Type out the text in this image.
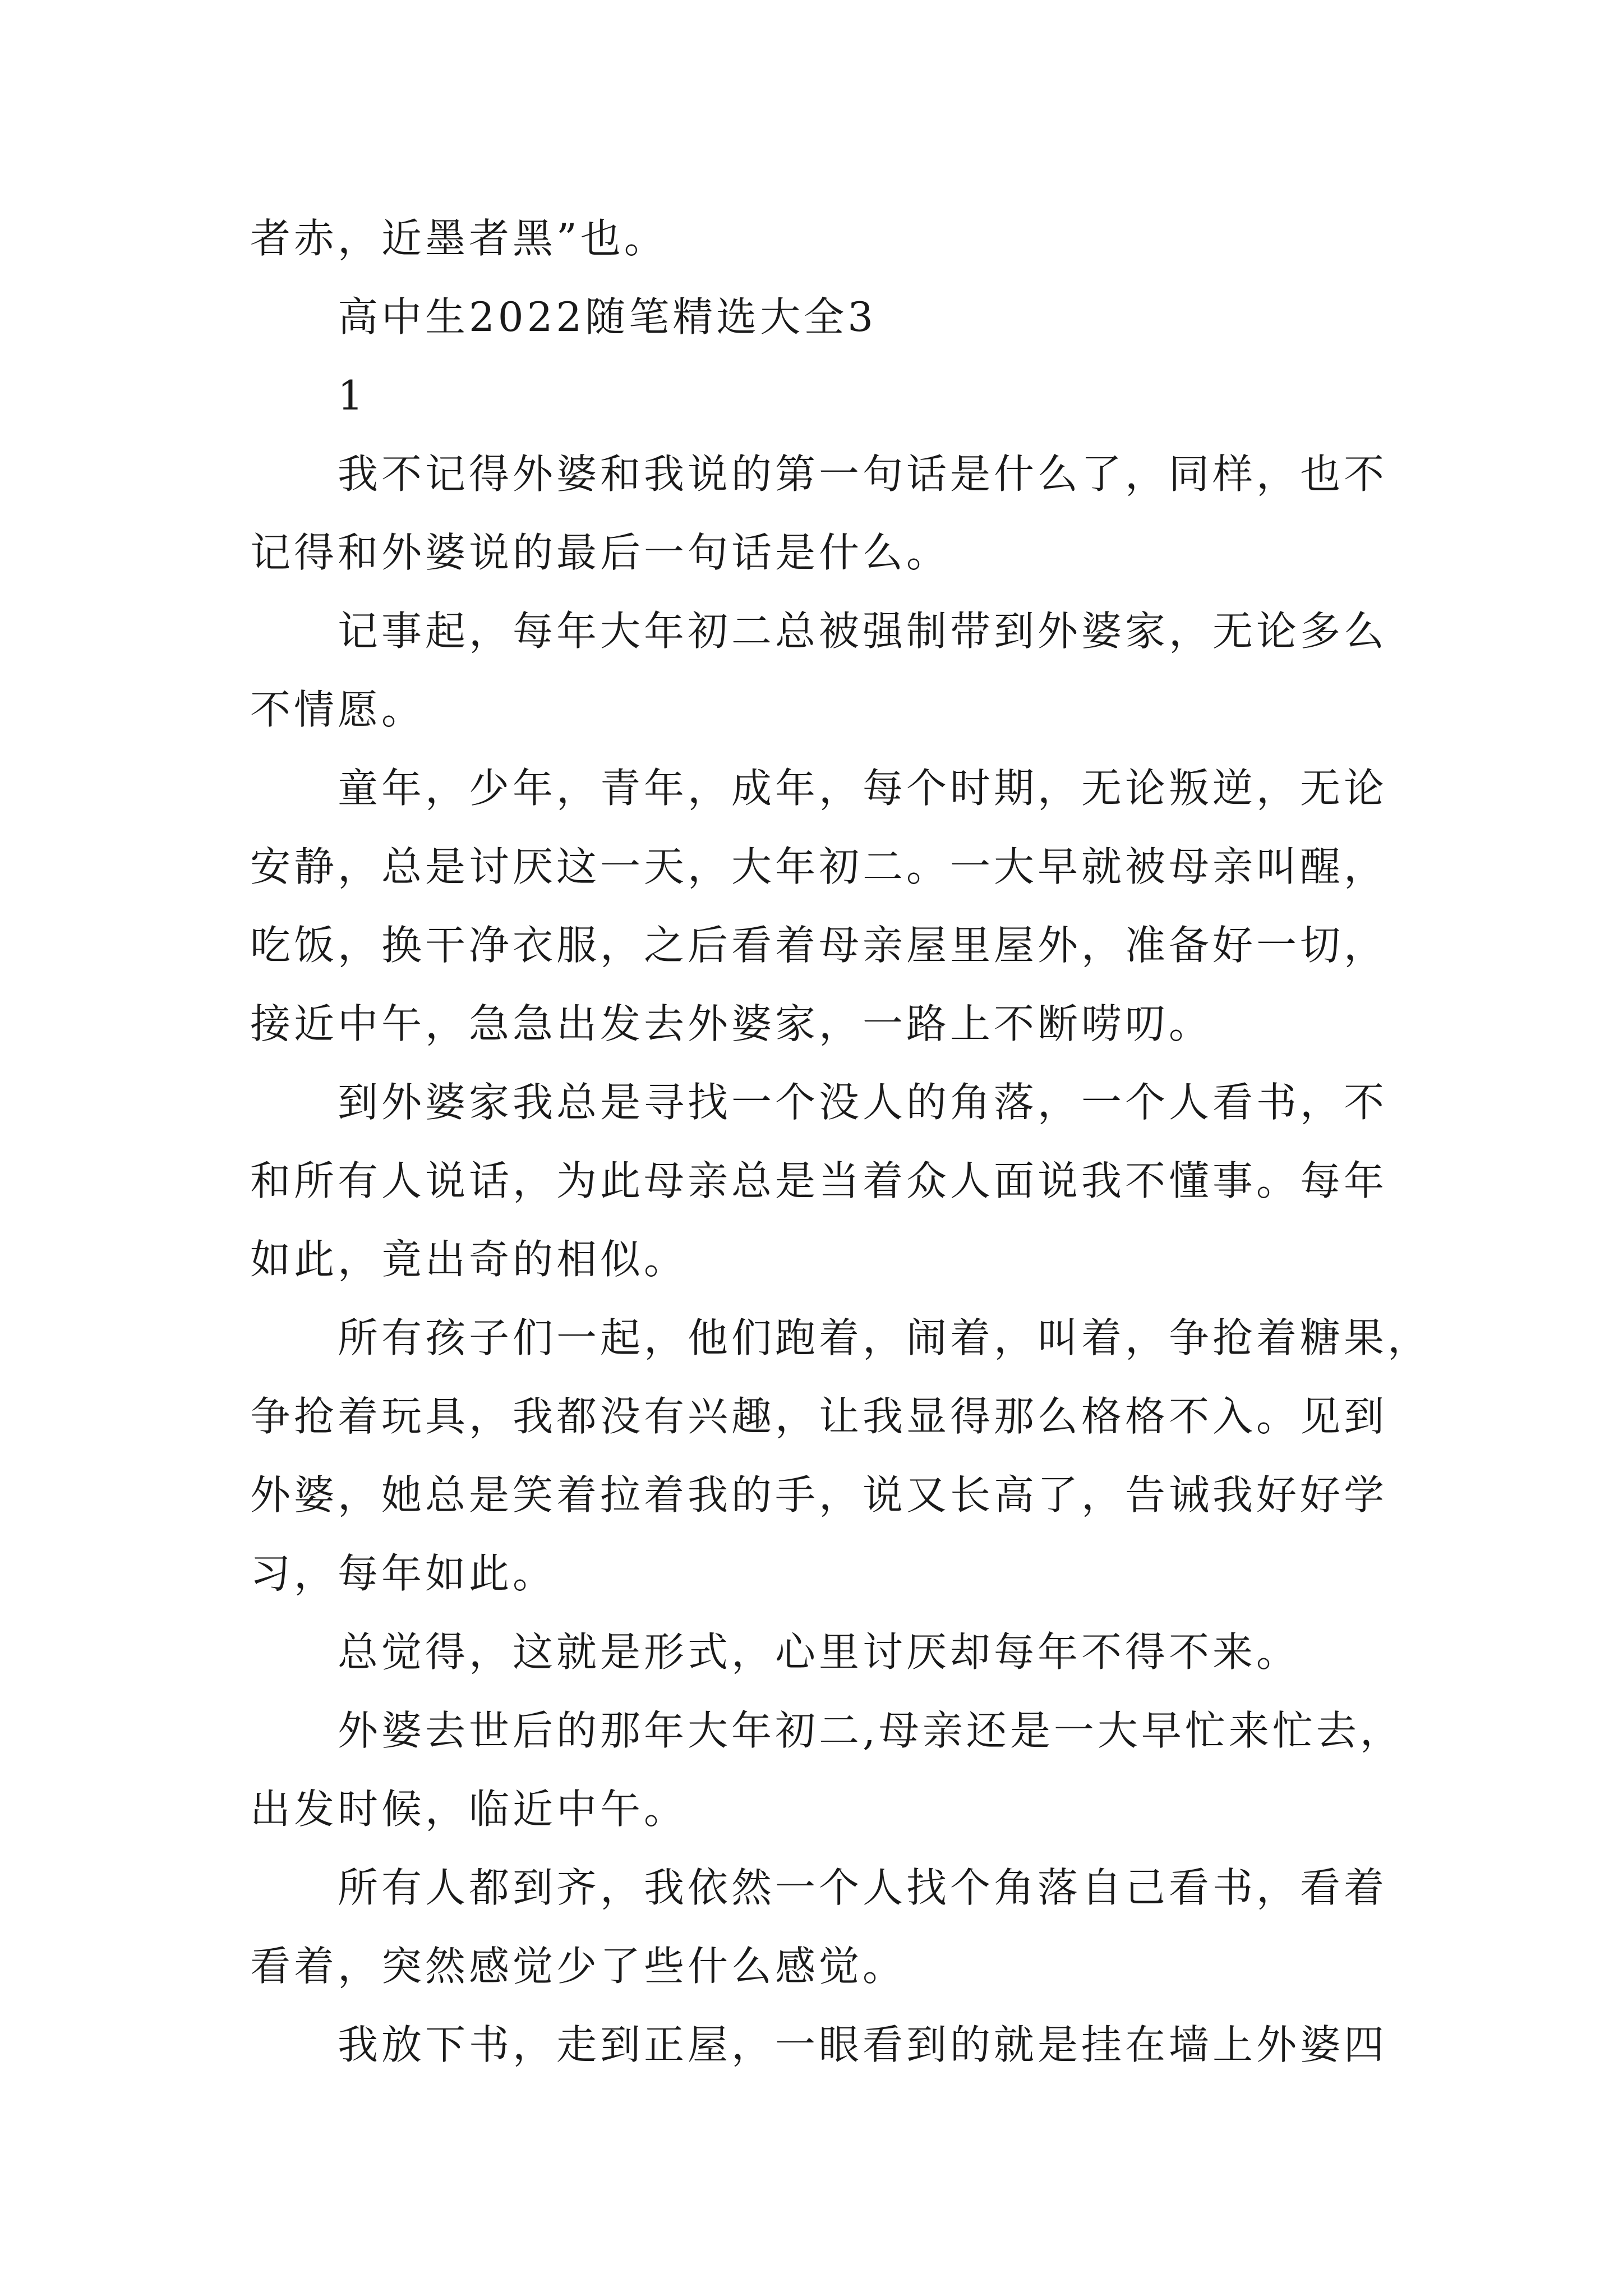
者赤，近墨者黑”也。
高中生2022随笔精选大全3
1
我不记得外婆和我说的第一句话是什么了，同样，也不
记得和外婆说的最后一句话是什么。
记事起，每年大年初二总被强制带到外婆家，无论多么
不情愿。
童年，少年，青年，成年，每个时期，无论叛逆，无论
安静，总是讨厌这一天，大年初二。一大早就被母亲叫醒，
吃饭，换干净衣服，之后看着母亲屋里屋外，准备好一切，
接近中午，急急出发去外婆家，一路上不断唠叨。
到外婆家我总是寻找一个没人的角落，一个人看书，不
和所有人说话，为此母亲总是当着众人面说我不懂事。每年
如此，竟出奇的相似。
所有孩子们一起，他们跑着，闹着，叫着，争抢着糖果，
争抢着玩具，我都没有兴趣，让我显得那么格格不入。见到
外婆，她总是笑着拉着我的手，说又长高了，告诫我好好学
习，每年如此。
总觉得，这就是形式，心里讨厌却每年不得不来。
外婆去世后的那年大年初二,母亲还是一大早忙来忙去，
出发时候，临近中午。
所有人都到齐，我依然一个人找个角落自己看书，看着
看着，突然感觉少了些什么感觉。
我放下书，走到正屋，一眼看到的就是挂在墙上外婆四
